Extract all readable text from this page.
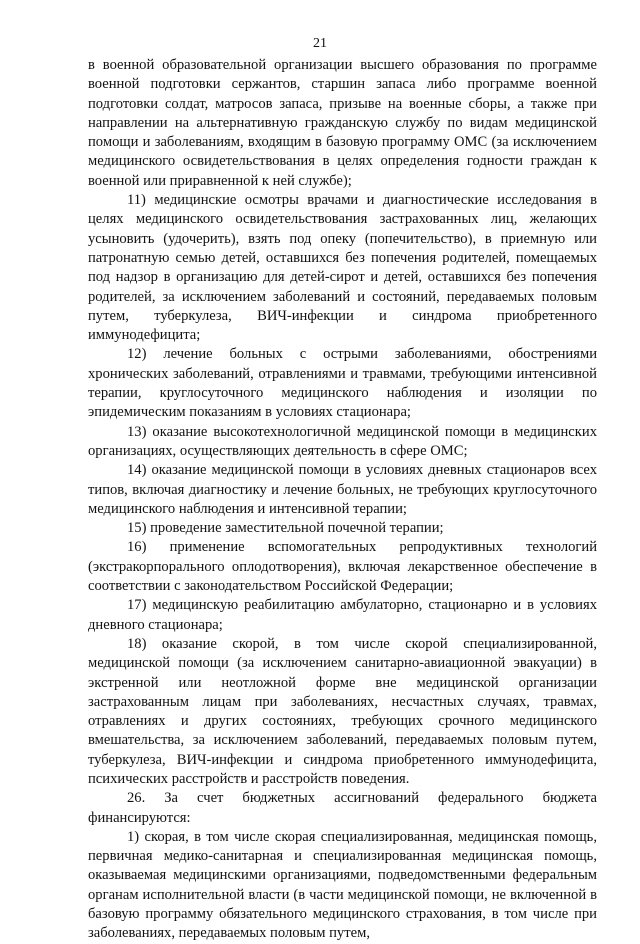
21

в военной образовательной организации высшего образования по программе военной подготовки сержантов, старшин запаса либо программе военной подготовки солдат, матросов запаса, призыве на военные сборы, а также при направлении на альтернативную гражданскую службу по видам медицинской помощи и заболеваниям, входящим в базовую программу ОМС (за исключением медицинского освидетельствования в целях определения годности граждан к военной или приравненной к ней службе);

11) медицинские осмотры врачами и диагностические исследования в целях медицинского освидетельствования застрахованных лиц, желающих усыновить (удочерить), взять под опеку (попечительство), в приемную или патронатную семью детей, оставшихся без попечения родителей, помещаемых под надзор в организацию для детей-сирот и детей, оставшихся без попечения родителей, за исключением заболеваний и состояний, передаваемых половым путем, туберкулеза, ВИЧ-инфекции и синдрома приобретенного иммунодефицита;

12) лечение больных с острыми заболеваниями, обострениями хронических заболеваний, отравлениями и травмами, требующими интенсивной терапии, круглосуточного медицинского наблюдения и изоляции по эпидемическим показаниям в условиях стационара;

13) оказание высокотехнологичной медицинской помощи в медицинских организациях, осуществляющих деятельность в сфере ОМС;

14) оказание медицинской помощи в условиях дневных стационаров всех типов, включая диагностику и лечение больных, не требующих круглосуточного медицинского наблюдения и интенсивной терапии;

15) проведение заместительной почечной терапии;

16) применение вспомогательных репродуктивных технологий (экстракорпорального оплодотворения), включая лекарственное обеспечение в соответствии с законодательством Российской Федерации;

17) медицинскую реабилитацию амбулаторно, стационарно и в условиях дневного стационара;

18) оказание скорой, в том числе скорой специализированной, медицинской помощи (за исключением санитарно-авиационной эвакуации) в экстренной или неотложной форме вне медицинской организации застрахованным лицам при заболеваниях, несчастных случаях, травмах, отравлениях и других состояниях, требующих срочного медицинского вмешательства, за исключением заболеваний, передаваемых половым путем, туберкулеза, ВИЧ-инфекции и синдрома приобретенного иммунодефицита, психических расстройств и расстройств поведения.

26. За счет бюджетных ассигнований федерального бюджета финансируются:

1) скорая, в том числе скорая специализированная, медицинская помощь, первичная медико-санитарная и специализированная медицинская помощь, оказываемая медицинскими организациями, подведомственными федеральным органам исполнительной власти (в части медицинской помощи, не включенной в базовую программу обязательного медицинского страхования, в том числе при заболеваниях, передаваемых половым путем,
